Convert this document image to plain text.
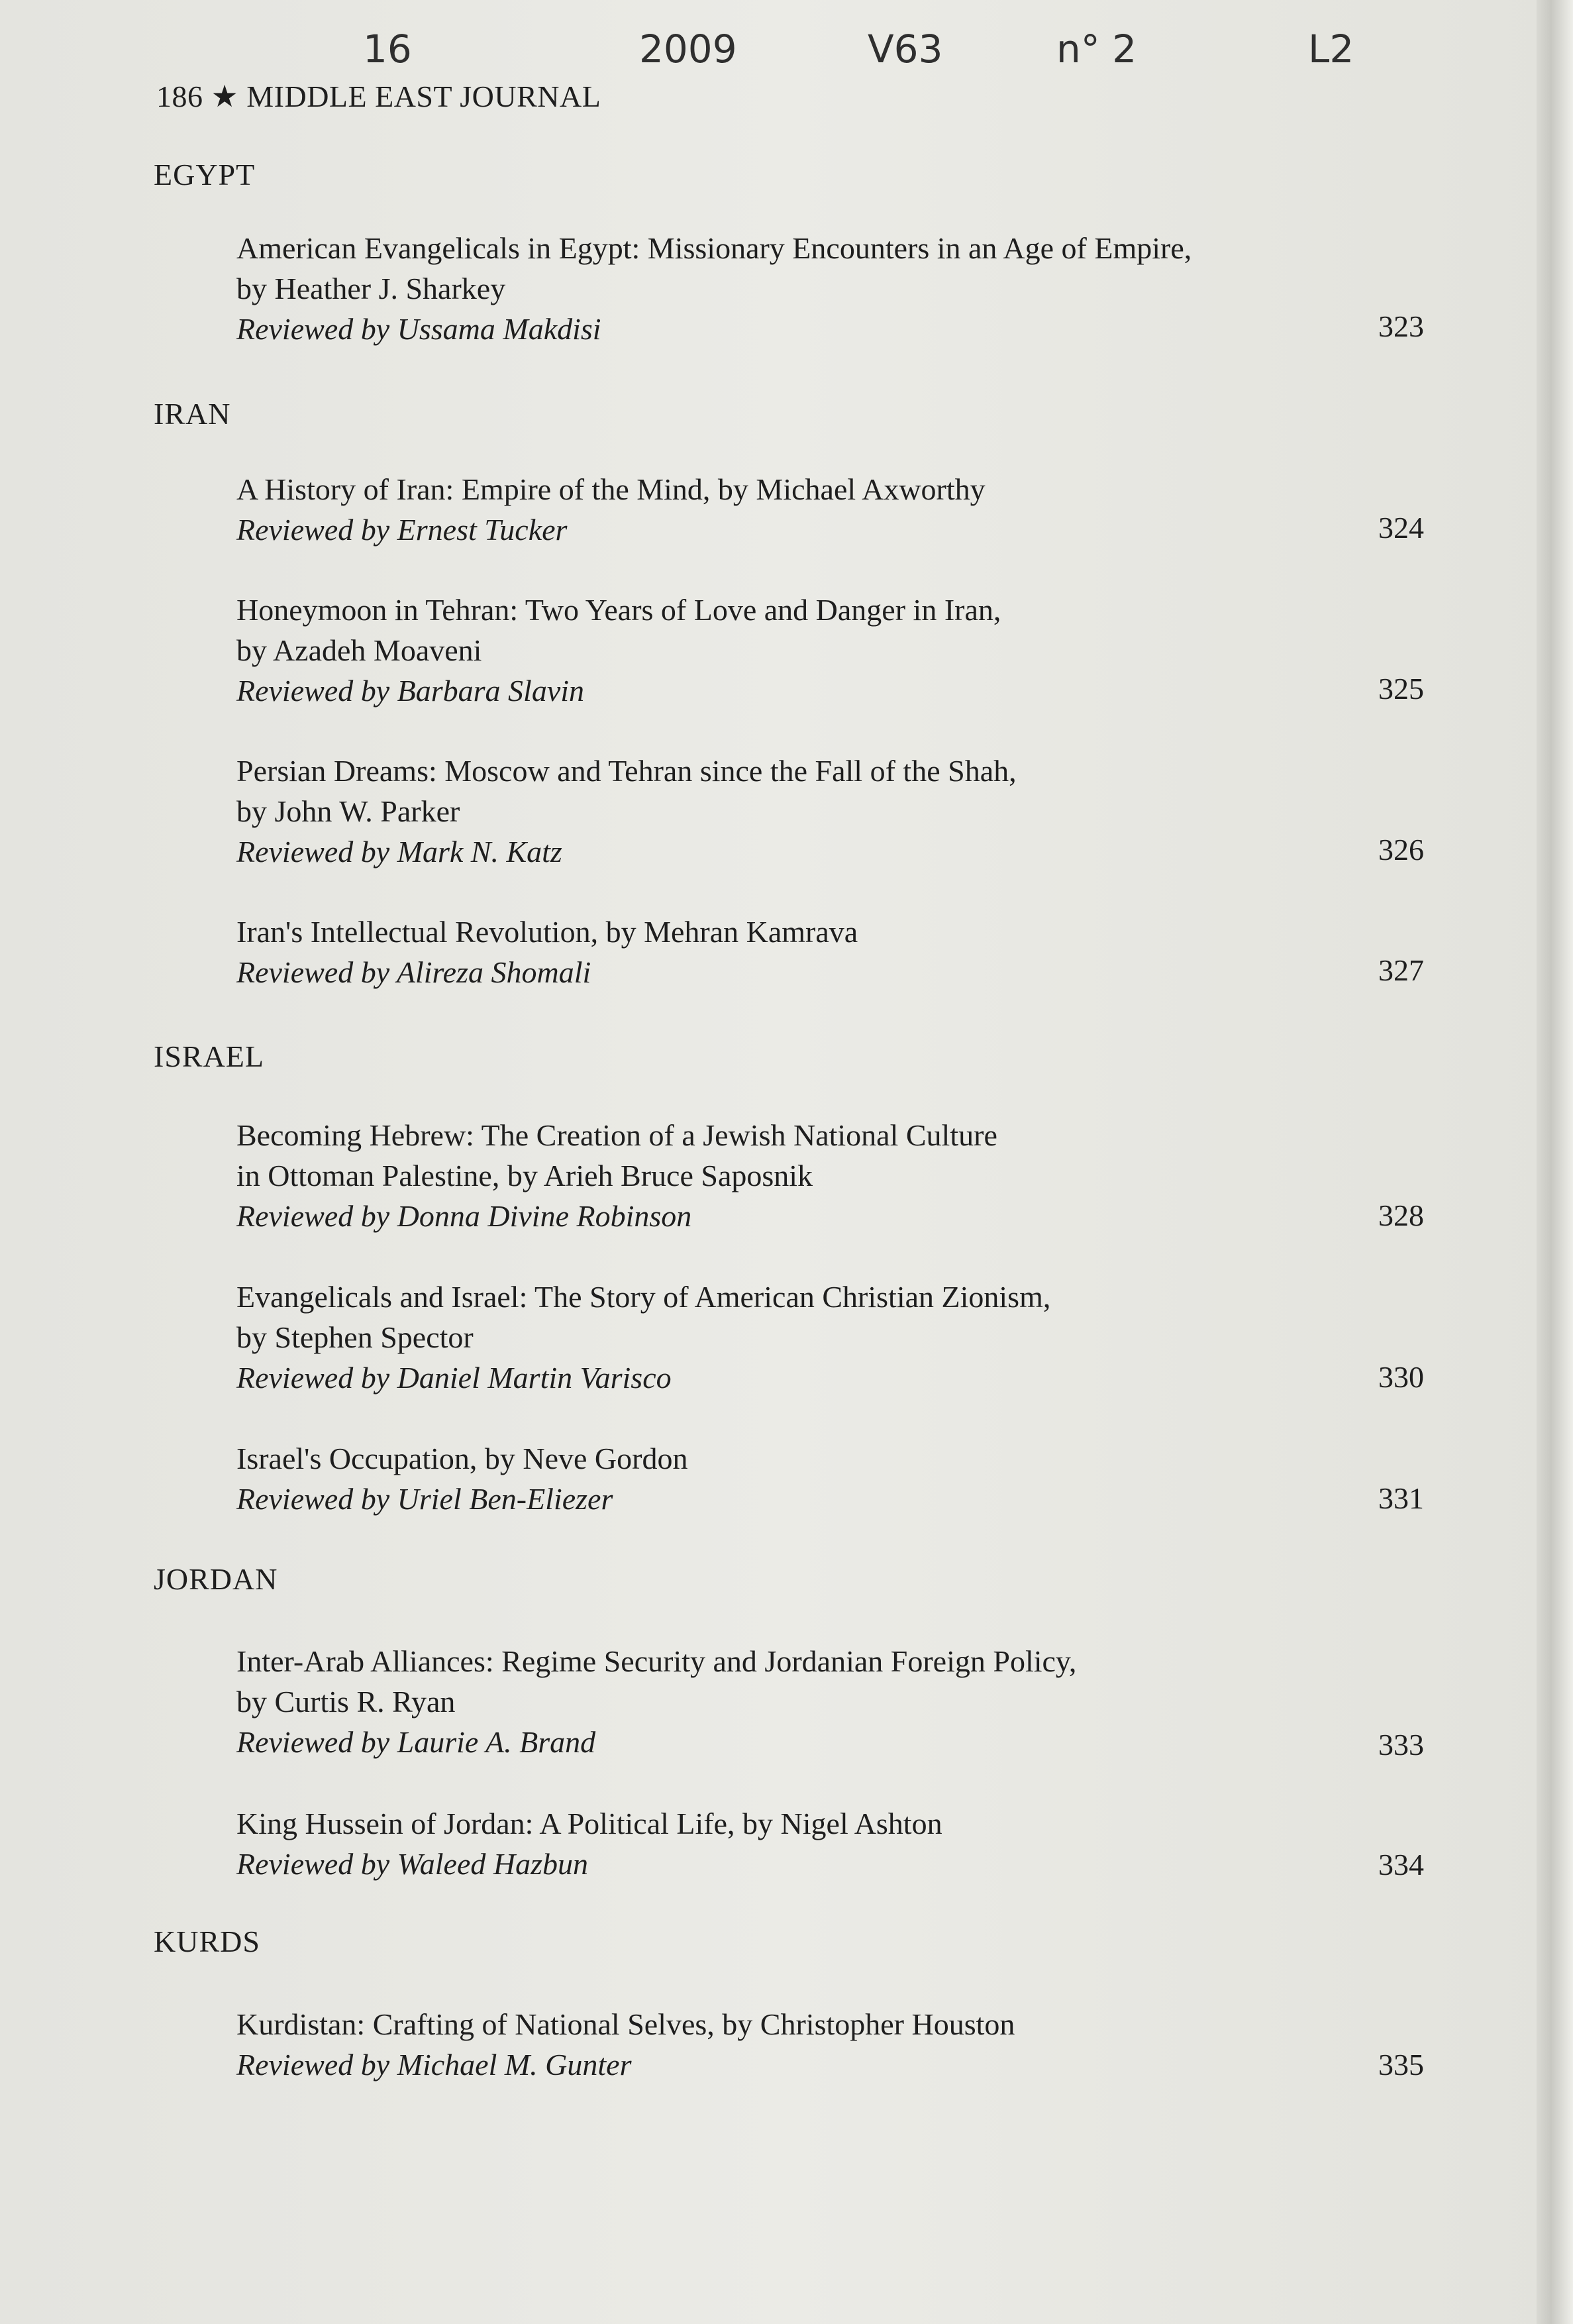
16	2009	V63	n° 2	L2
186 ★ MIDDLE EAST JOURNAL
EGYPT
American Evangelicals in Egypt: Missionary Encounters in an Age of Empire,
by Heather J. Sharkey
Reviewed by Ussama Makdisi	323
IRAN
A History of Iran: Empire of the Mind, by Michael Axworthy
Reviewed by Ernest Tucker	324
Honeymoon in Tehran: Two Years of Love and Danger in Iran,
by Azadeh Moaveni
Reviewed by Barbara Slavin	325
Persian Dreams: Moscow and Tehran since the Fall of the Shah,
by John W. Parker
Reviewed by Mark N. Katz	326
Iran's Intellectual Revolution, by Mehran Kamrava
Reviewed by Alireza Shomali	327
ISRAEL
Becoming Hebrew: The Creation of a Jewish National Culture
in Ottoman Palestine, by Arieh Bruce Saposnik
Reviewed by Donna Divine Robinson	328
Evangelicals and Israel: The Story of American Christian Zionism,
by Stephen Spector
Reviewed by Daniel Martin Varisco	330
Israel's Occupation, by Neve Gordon
Reviewed by Uriel Ben-Eliezer	331
JORDAN
Inter-Arab Alliances: Regime Security and Jordanian Foreign Policy,
by Curtis R. Ryan
Reviewed by Laurie A. Brand	333
King Hussein of Jordan: A Political Life, by Nigel Ashton
Reviewed by Waleed Hazbun	334
KURDS
Kurdistan: Crafting of National Selves, by Christopher Houston
Reviewed by Michael M. Gunter	335
